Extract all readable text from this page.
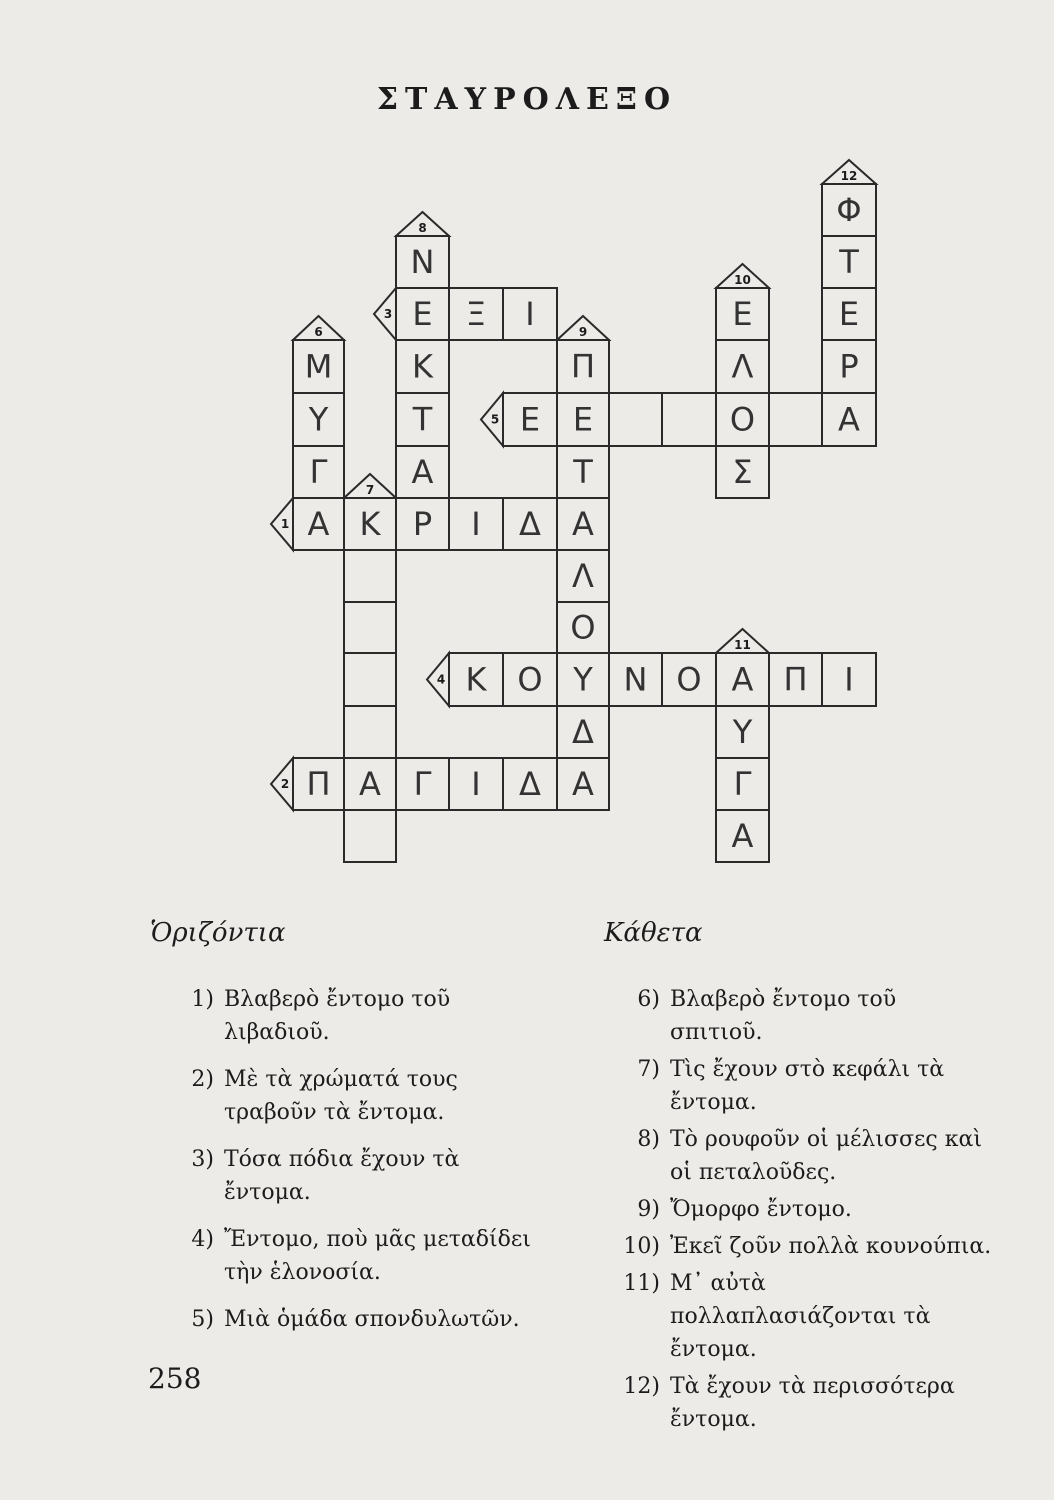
ΣΤΑΥΡΟΛΕΞΟ
1
2
3
4
5
6
7
8
9
10
11
12
Α Κ Ρ Ι Δ Α
Π Α Γ Ι Δ Α
Ε Ξ Ι
Κ Ο Υ Ν Ο Α Π Ι
Ε Ε	Ο	Α
Μ
Υ
Γ
Ν
Κ
Τ
Α
Π
Τ
Λ
Ο
Δ
Ε
Λ
Σ
Υ
Γ
Α
Φ
Τ
Ε
Ρ
Ὁριζόντια	Κάθετα
1) Βλαβερὸ ἔντομο τοῦ λιβαδιοῦ.
2) Μὲ τὰ χρώματά τους τραβοῦν τὰ ἔντομα.
3) Τόσα πόδια ἔχουν τὰ ἔντομα.
4) Ἔντομο, ποὺ μᾶς μεταδίδει τὴν ἑλονοσία.
5) Μιὰ ὁμάδα σπονδυλωτῶν.
6) Βλαβερὸ ἔντομο τοῦ σπιτιοῦ.
7) Τὶς ἔχουν στὸ κεφάλι τὰ ἔντομα.
8) Τὸ ρουφοῦν οἱ μέλισσες καὶ οἱ πεταλοῦδες.
9) Ὄμορφο ἔντομο.
10) Ἐκεῖ ζοῦν πολλὰ κουνούπια.
11) Μ᾽ αὐτὰ πολλαπλασιάζονται τὰ ἔντομα.
12) Τὰ ἔχουν τὰ περισσότερα ἔντομα.
258
